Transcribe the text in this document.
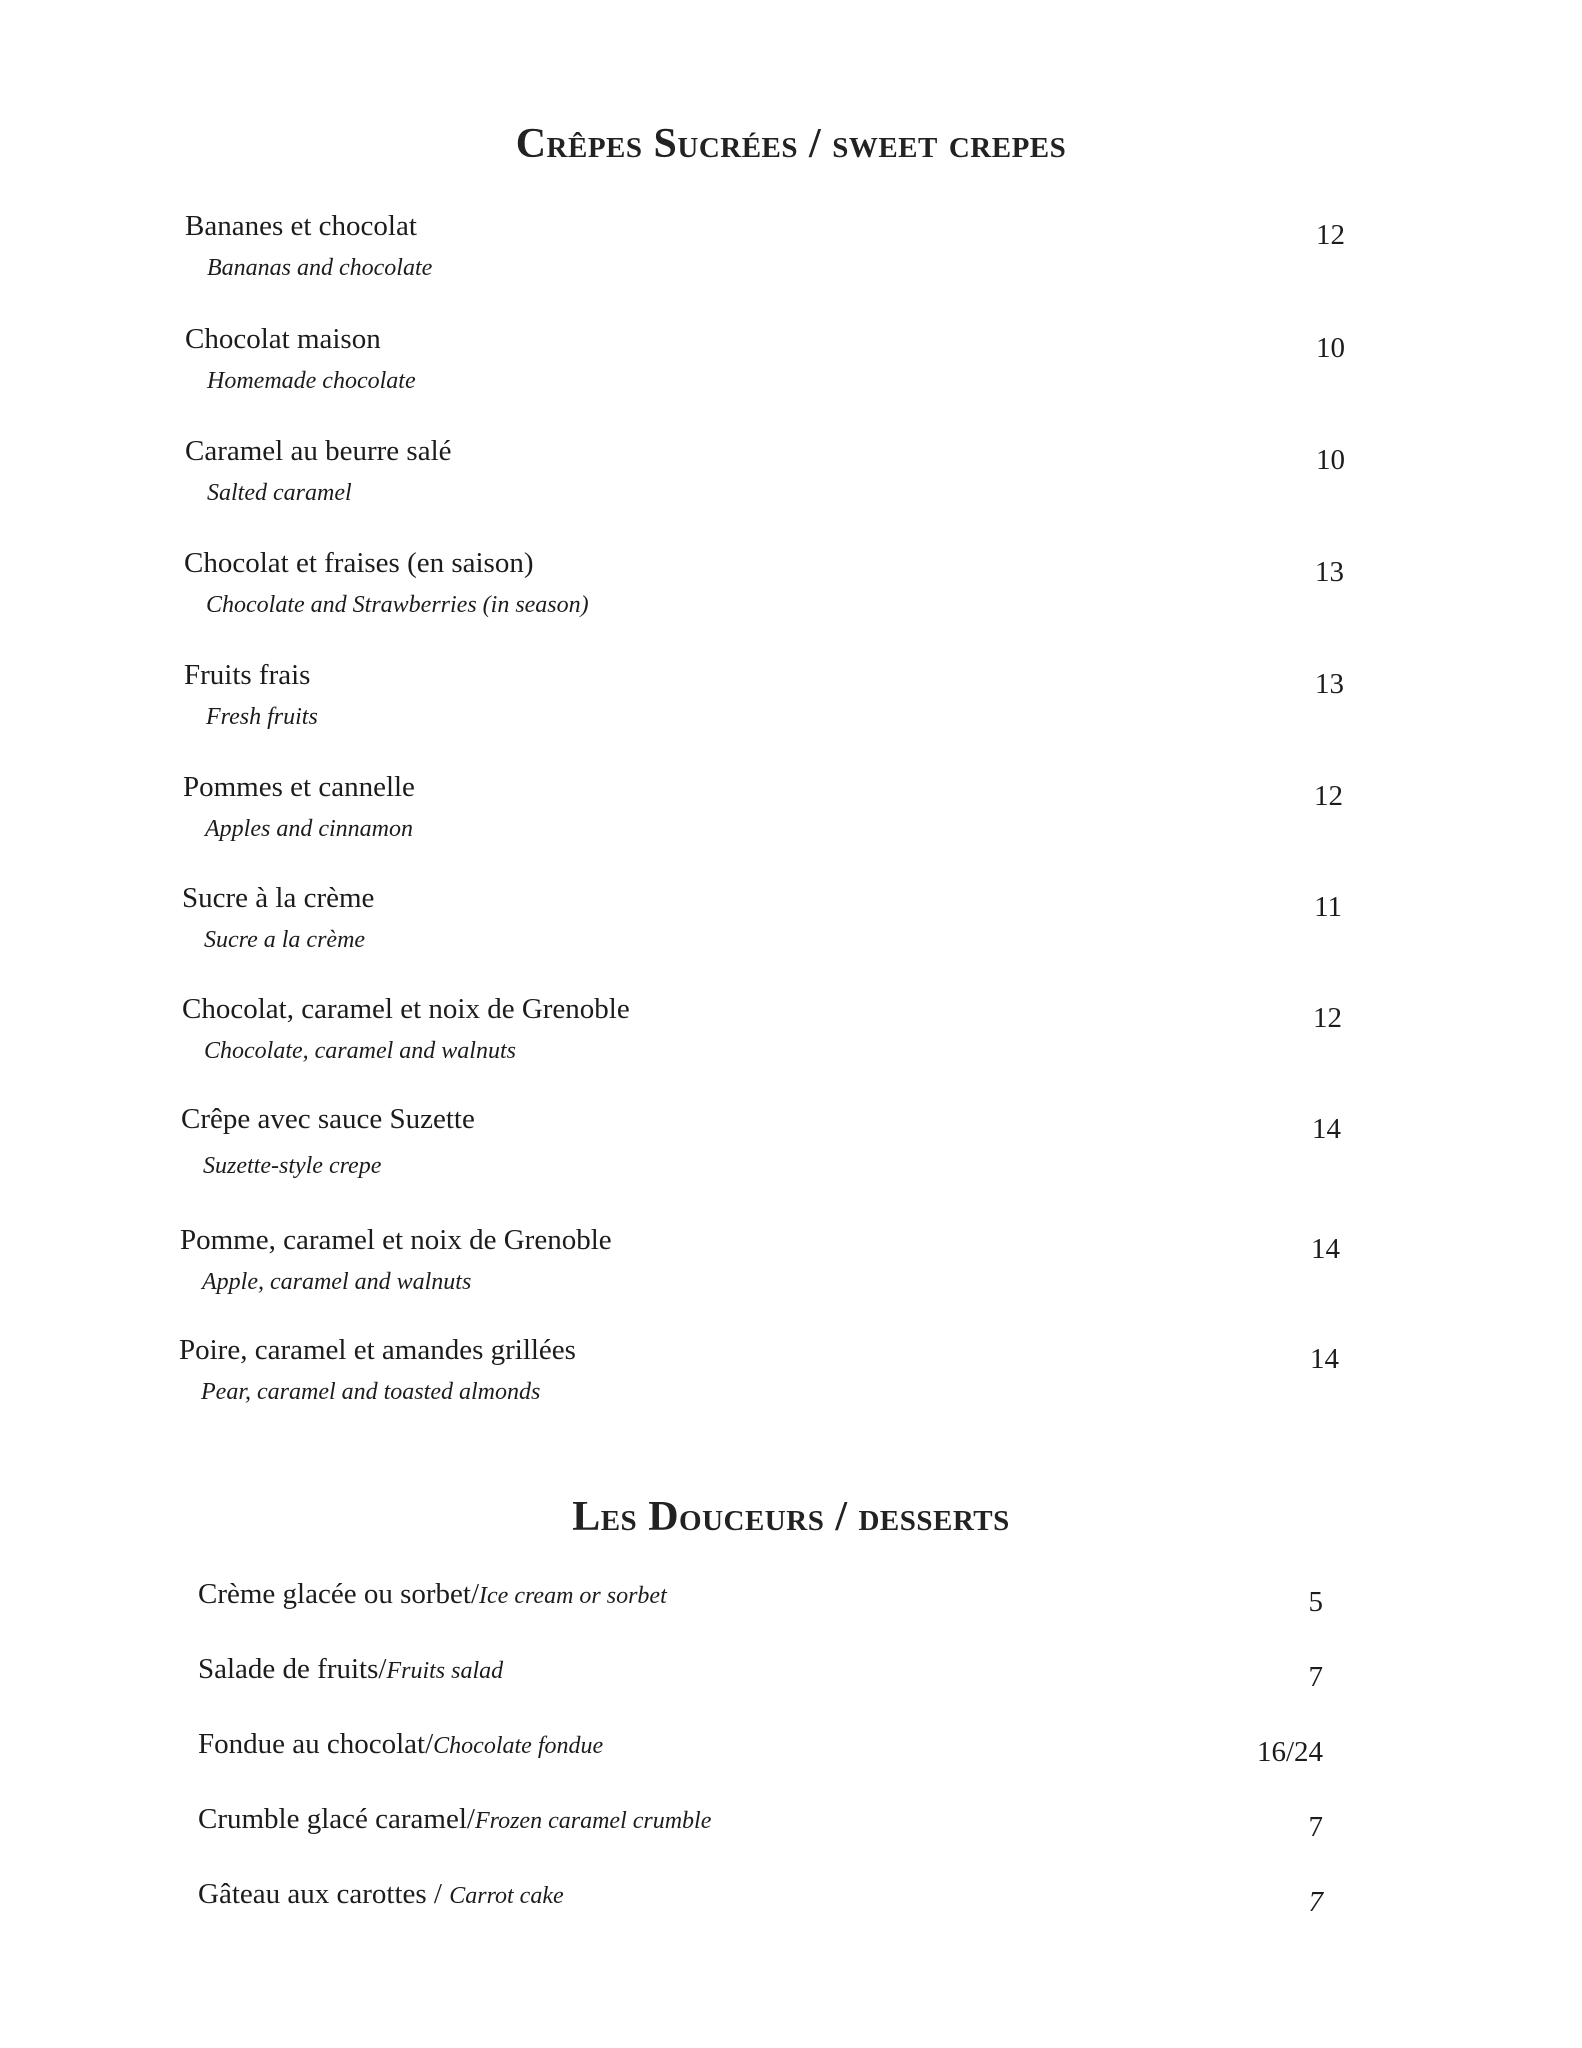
Crêpes Sucrées / sweet crepes
Bananes et chocolat
Bananas and chocolate
12
Chocolat maison
Homemade chocolate
10
Caramel au beurre salé
Salted caramel
10
Chocolat et fraises (en saison)
Chocolate and Strawberries (in season)
13
Fruits frais
Fresh fruits
13
Pommes et cannelle
Apples and cinnamon
12
Sucre à la crème
Sucre a la crème
11
Chocolat, caramel et noix de Grenoble
Chocolate, caramel and walnuts
12
Crêpe avec sauce Suzette
Suzette-style crepe
14
Pomme, caramel et noix de Grenoble
Apple, caramel and walnuts
14
Poire, caramel et amandes grillées
Pear, caramel and toasted almonds
14
Les Douceurs / desserts
Crème glacée ou sorbet/Ice cream or sorbet	5
Salade de fruits/Fruits salad	7
Fondue au chocolat/Chocolate fondue	16/24
Crumble glacé caramel/Frozen caramel crumble	7
Gâteau aux carottes / Carrot cake	7
